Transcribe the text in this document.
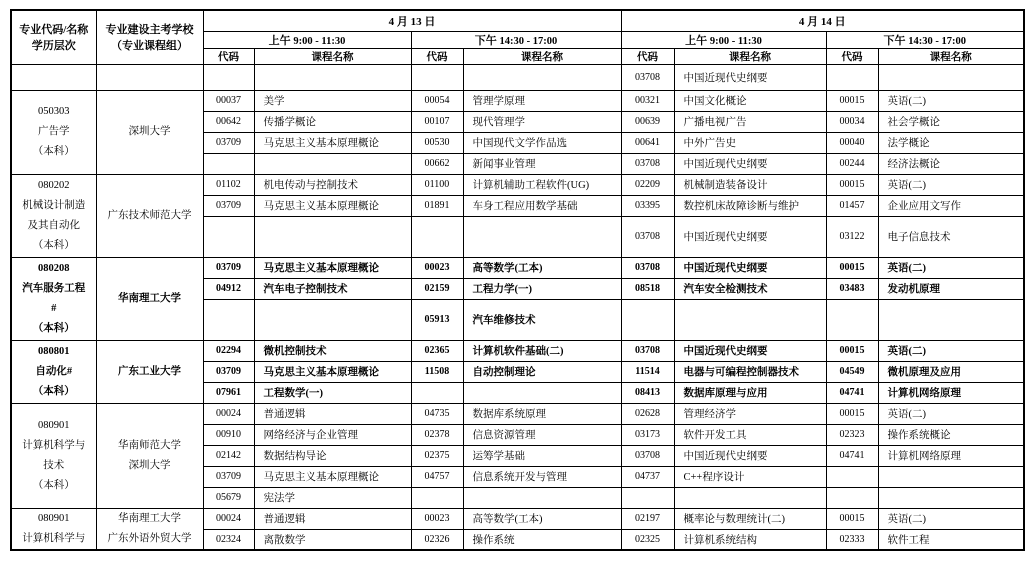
专业代码/名称
学历层次

专业建设主考学校
（专业课程组）
	4 月 13 日	4 月 14 日
		上午 9:00 - 11:30		下午 14:30 - 17:00		上午 9:00 - 11:30		下午 14:30 - 17:00	
		代码	课程名称	代码	课程名称	代码	课程名称	代码	课程名称
						03708	中国近现代史纲要		

050303
广告学
（本科）	深圳大学	00037	美学	00054	管理学原理	00321	中国文化概论	00015	英语(二)
		00642	传播学概论	00107	现代管理学	00639	广播电视广告	00034	社会学概论
		03709	马克思主义基本原理概论	00530	中国现代文学作品选	00641	中外广告史	00040	法学概论
				00662	新闻事业管理	03708	中国近现代史纲要	00244	经济法概论

080202
机械设计制造
及其自动化
（本科）	广东技术师范大学	01102	机电传动与控制技术	01100	计算机辅助工程软件(UG)	02209	机械制造装备设计	00015	英语(二)
		03709	马克思主义基本原理概论	01891	车身工程应用数学基础	03395	数控机床故障诊断与维护	01457	企业应用文写作
						03708	中国近现代史纲要	03122	电子信息技术

080208
汽车服务工程
#
（本科）	华南理工大学	03709	马克思主义基本原理概论	00023	高等数学(工本)	03708	中国近现代史纲要	00015	英语(二)
		04912	汽车电子控制技术	02159	工程力学(一)	08518	汽车安全检测技术	03483	发动机原理
				05913	汽车维修技术				

080801
自动化#
（本科）	广东工业大学	02294	微机控制技术	02365	计算机软件基础(二)	03708	中国近现代史纲要	00015	英语(二)
		03709	马克思主义基本原理概论	11508	自动控制理论	11514	电器与可编程控制器技术	04549	微机原理及应用
		07961	工程数学(一)			08413	数据库原理与应用	04741	计算机网络原理

080901
计算机科学与
技术
（本科）

华南师范大学
深圳大学
	00024	普通逻辑	04735	数据库系统原理	02628	管理经济学	00015	英语(二)
		00910	网络经济与企业管理	02378	信息资源管理	03173	软件开发工具	02323	操作系统概论
		02142	数据结构导论	02375	运筹学基础	03708	中国近现代史纲要	04741	计算机网络原理
		03709	马克思主义基本原理概论	04757	信息系统开发与管理	04737	C++程序设计		
		05679	宪法学						

080901
计算机科学与

华南理工大学
广东外语外贸大学
	00024	普通逻辑	00023	高等数学(工本)	02197	概率论与数理统计(二)	00015	英语(二)
		02324	离散数学	02326	操作系统	02325	计算机系统结构	02333	软件工程
